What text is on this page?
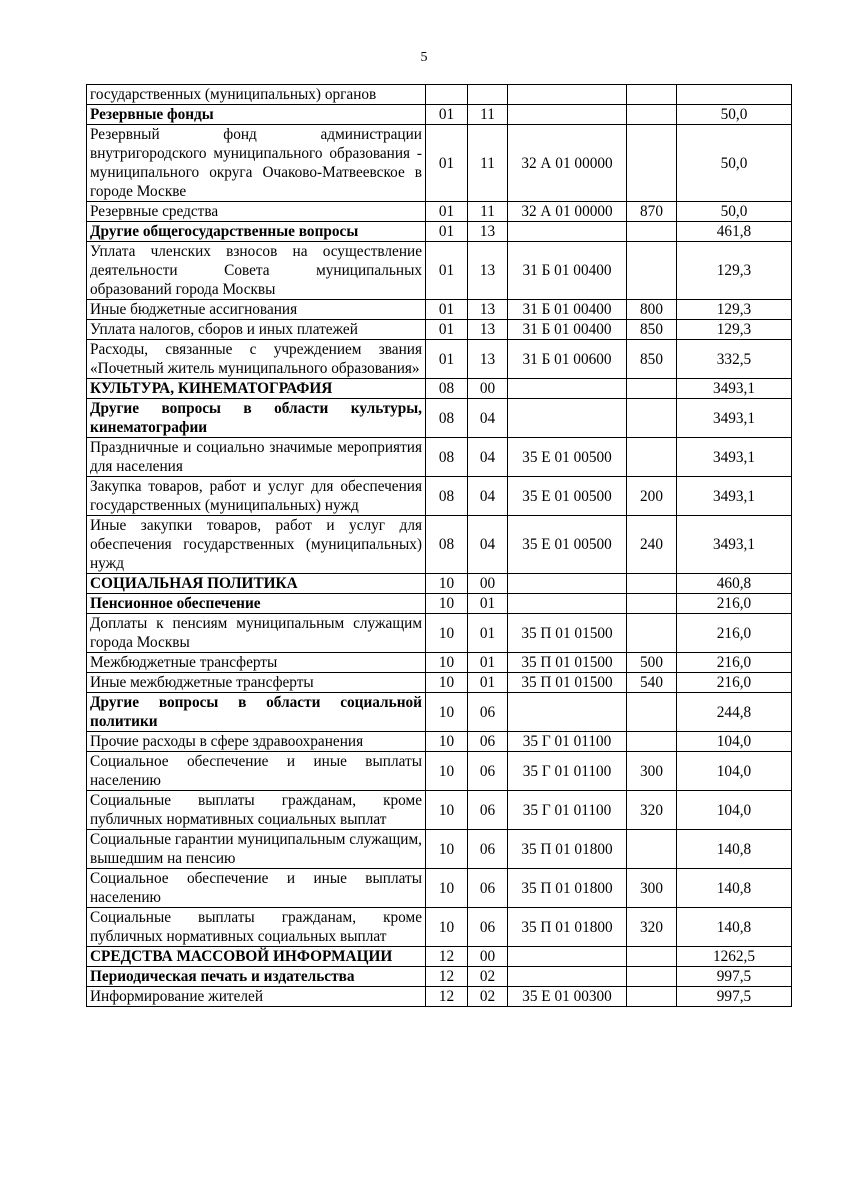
5
государственных (муниципальных) органов					
Резервные фонды	01	11			50,0
Резервный фонд администрации внутригородского муниципального образования - муниципального округа Очаково-Матвеевское в городе Москве	01	11	32 А 01 00000		50,0
Резервные средства	01	11	32 А 01 00000	870	50,0
Другие общегосударственные вопросы	01	13			461,8
Уплата членских взносов на осуществление деятельности Совета муниципальных образований города Москвы	01	13	31 Б 01 00400		129,3
Иные бюджетные ассигнования	01	13	31 Б 01 00400	800	129,3
Уплата налогов, сборов и иных платежей	01	13	31 Б 01 00400	850	129,3
Расходы, связанные с учреждением звания «Почетный житель муниципального образования»	01	13	31 Б 01 00600	850	332,5
КУЛЬТУРА, КИНЕМАТОГРАФИЯ	08	00			3493,1
Другие вопросы в области культуры, кинематографии	08	04			3493,1
Праздничные и социально значимые мероприятия для населения	08	04	35 Е 01 00500		3493,1
Закупка товаров, работ и услуг для обеспечения государственных (муниципальных) нужд	08	04	35 Е 01 00500	200	3493,1
Иные закупки товаров, работ и услуг для обеспечения государственных (муниципальных) нужд	08	04	35 Е 01 00500	240	3493,1
СОЦИАЛЬНАЯ ПОЛИТИКА	10	00			460,8
Пенсионное обеспечение	10	01			216,0
Доплаты к пенсиям муниципальным служащим города Москвы	10	01	35 П 01 01500		216,0
Межбюджетные трансферты	10	01	35 П 01 01500	500	216,0
Иные межбюджетные трансферты	10	01	35 П 01 01500	540	216,0
Другие вопросы в области социальной политики	10	06			244,8
Прочие расходы в сфере здравоохранения	10	06	35 Г 01 01100		104,0
Социальное обеспечение и иные выплаты населению	10	06	35 Г 01 01100	300	104,0
Социальные выплаты гражданам, кроме публичных нормативных социальных выплат	10	06	35 Г 01 01100	320	104,0
Социальные гарантии муниципальным служащим, вышедшим на пенсию	10	06	35 П 01 01800		140,8
Социальное обеспечение и иные выплаты населению	10	06	35 П 01 01800	300	140,8
Социальные выплаты гражданам, кроме публичных нормативных социальных выплат	10	06	35 П 01 01800	320	140,8
СРЕДСТВА МАССОВОЙ ИНФОРМАЦИИ	12	00			1262,5
Периодическая печать и издательства	12	02			997,5
Информирование жителей	12	02	35 Е 01 00300		997,5
